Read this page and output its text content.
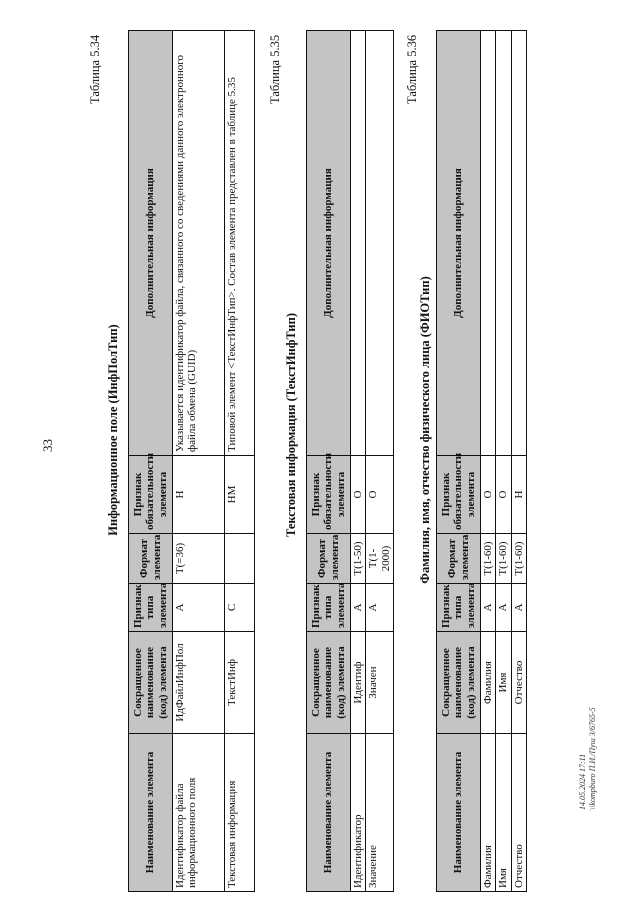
33
Таблица 5.34
Информационное поле (ИнфПолТип)
Наименование элемента	Сокращенное наименование (код) элемента	Признак типа элемента	Формат элемента	Признак обязательности элемента	Дополнительная информация
Идентификатор файла информационного поля	ИдФайлИнфПол	А	T(=36)	Н	Указывается идентификатор файла, связанного со сведениями данного электронного файла обмена (GUID)
Текстовая информация	ТекстИнф	С		НМ	Типовой элемент <ТекстИнфТип>. Состав элемента представлен в таблице 5.35
Таблица 5.35
Текстовая информация (ТекстИнфТип)
Наименование элемента	Сокращенное наименование (код) элемента	Признак типа элемента	Формат элемента	Признак обязательности элемента	Дополнительная информация
Идентификатор	Идентиф	А	T(1-50)	О	
Значение	Значен	А	T(1-2000)	О	
Таблица 5.36
Фамилия, имя, отчество физического лица (ФИОТип)
Наименование элемента	Сокращенное наименование (код) элемента	Признак типа элемента	Формат элемента	Признак обязательности элемента	Дополнительная информация
Фамилия	Фамилия	А	T(1-60)	О	
Имя	Имя	А	T(1-60)	О	
Отчество	Отчество	А	T(1-60)	Н	
14.05.2024 17:11 \\kompburo П.И./Пуш 3/6765-5
